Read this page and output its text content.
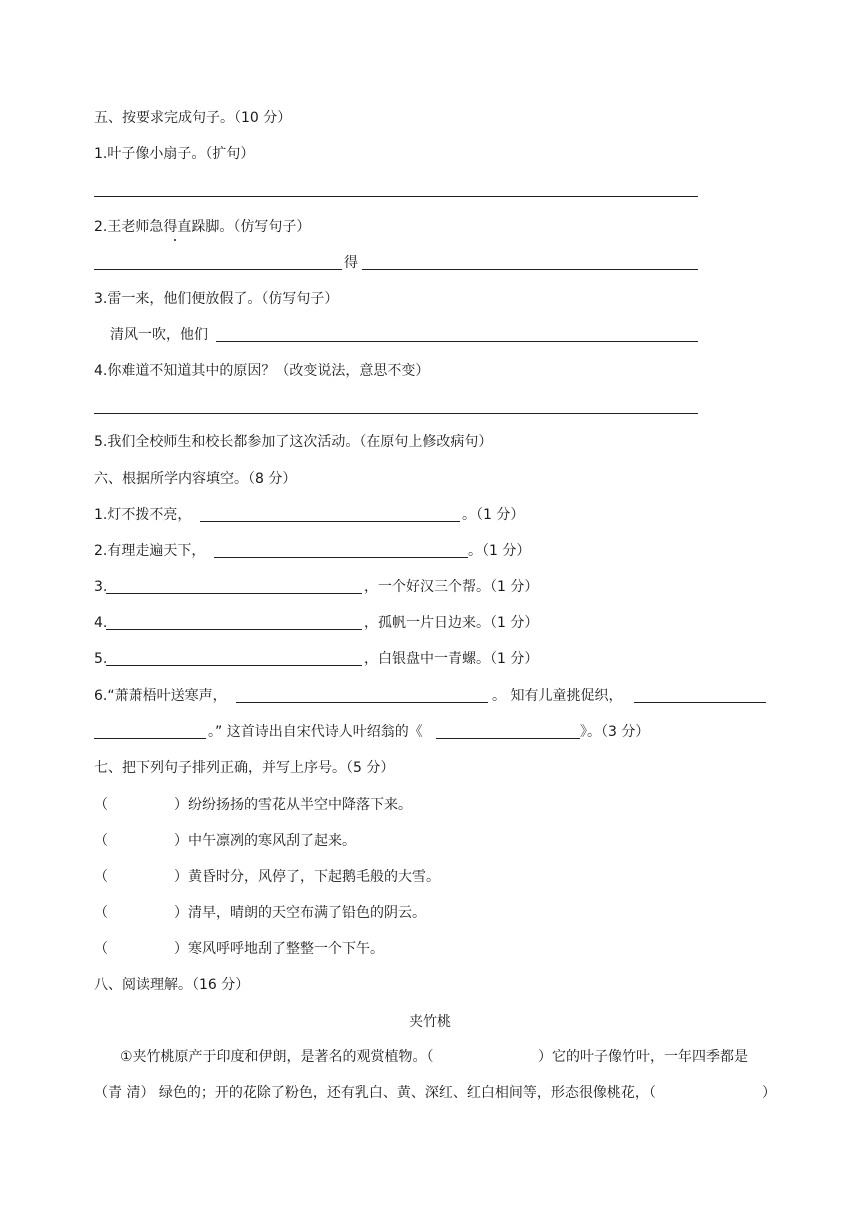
五、按要求完成句子。（10 分）
1.叶子像小扇子。（扩句）
2.王老师急得直跺脚。（仿写句子）
得
3.雷一来，他们便放假了。（仿写句子）
清风一吹，他们
4.你难道不知道其中的原因？（改变说法，意思不变）
5.我们全校师生和校长都参加了这次活动。（在原句上修改病句）
六、根据所学内容填空。（8 分）
1.灯不拨不亮，	。（1 分）
2.有理走遍天下，	。（1 分）
3.	，一个好汉三个帮。（1 分）
4.	，孤帆一片日边来。（1 分）
5.	，白银盘中一青螺。（1 分）
6.“萧萧梧叶送寒声，	。 知有儿童挑促织，
。” 这首诗出自宋代诗人叶绍翁的《	》。（3 分）
七、把下列句子排列正确，并写上序号。（5 分）
（	）纷纷扬扬的雪花从半空中降落下来。
（	）中午凛冽的寒风刮了起来。
（	）黄昏时分，风停了，下起鹅毛般的大雪。
（	）清早，晴朗的天空布满了铅色的阴云。
（	）寒风呼呼地刮了整整一个下午。
八、阅读理解。（16 分）
夹竹桃
①夹竹桃原产于印度和伊朗，是著名的观赏植物。（	）它的叶子像竹叶，一年四季都是
（青 清） 绿色的；开的花除了粉色，还有乳白、黄、深红、红白相间等，形态很像桃花，（	）
